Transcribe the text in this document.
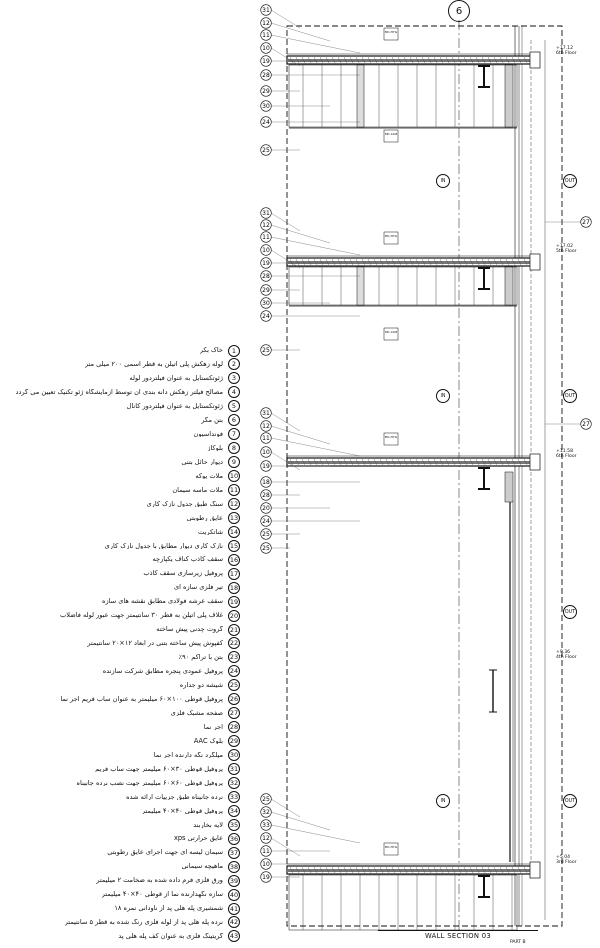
31
12
11
10
19
28
29
30
24
25
31
12
11
10
19
28
29
30
24
25
31
12
11
10
19
18
28
20
24
25
25
32
33
12
11
10
19
25
27
27
MC-HYG
MC-CLM
MC-HYG
MC-CLM
MC-HYG
MC-HYG
6
IN
IN
IN
OUT
OUT
OUT
OUT
+17.12
6th Floor
+17.02
5th Floor
+11.58
6th Floor
+9.36
4th Floor
+5.04
3rd Floor
WALL SECTION 03
PART B
خاک بکر	1
لوله زهکش پلی اتیلن به قطر اسمی ۲۰۰ میلی متر	2
ژئوتکستایل به عنوان فیلتردور لوله	3
مصالح فیلتر زهکش دانه بندی آن توسط آزمایشگاه ژئو تکنیک تعیین می گردد	4
ژئوتکستایل به عنوان فیلتردور کانال	5
بتن مگر	6
فونداسیون	7
بلوکاژ	8
دیوار حائل بتنی	9
ملات پوکه 10
ملات ماسه سیمان 11
سنگ طبق جدول نازک کاری 12
عایق رطوبتی 13
شاتکریت 14
نازک کاری دیوار مطابق با جدول نازک کاری 15
سقف کاذب کناف یکپارچه 16
پروفیل زیرسازی سقف کاذب 17
تیر فلزی سازه ای 18
سقف عرشه فولادی مطابق نقشه های سازه 19
غلاف پلی اتیلن به قطر ۳۰ سانتیمتر جهت عبور لوله فاضلاب 20
گروت چدنی پیش ساخته 21
کفپوش پیش ساخته بتنی در ابعاد ۱۲×۲۰ سانتیمتر 22
بتن با تراکم ۹۰٪ 23
پروفیل عمودی پنجره مطابق شرکت سازنده 24
شیشه دو جداره 25
پروفیل قوطی ۱۰۰×۶۰ میلیمتر به عنوان ساب فریم آجر نما 26
صفحه مشبک فلزی 27
آجر نما 28
بلوک AAC 29
میلگرد نگه دارنده آجر نما 30
پروفیل قوطی ۳۰×۶۰ میلیمتر جهت ساب فریم 31
پروفیل قوطی ۶۰×۶۰ میلیمتر جهت نصب نرده جانپناه 32
نرده جانپناه طبق جزییات ارائه شده 33
پروفیل قوطی ۴۰×۴۰ میلیمتر 34
لایه بخاربند 35
عایق حرارتی xps 36
سیمان لیسه ای جهت اجرای عایق رطوبتی 37
ماهیچه سیمانی 38
ورق فلزی فرم داده شده به ضخامت ۲ میلیمتر 39
سازه نگهدارنده نما از قوطی ۴۰×۴۰ میلیمتر 40
شمشیری پله هلی پد از ناودانی نمره ۱۸ 41
نرده پله هلی پد از لوله فلزی رنگ شده به قطر ۵ سانتیمتر 42
گریتینگ فلزی به عنوان کف پله هلی پد 43
